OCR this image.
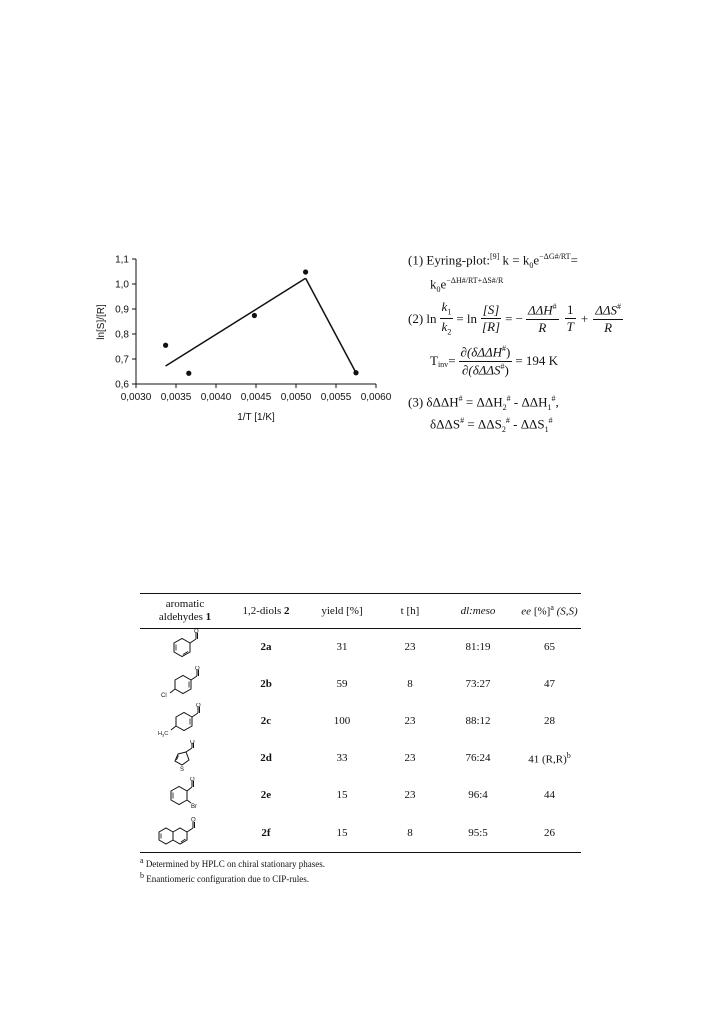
0,0030 0,0035 0,0040 0,0045 0,0050 0,0055 0,0060
0,6
0,7
0,8
0,9
1,0
1,1
1/T [1/K]
ln[S]/[R]
(1) Eyring-plot:[9] $k = k_0e^{-\Delta G\#/RT}=$
$k_0e^{-\Delta H\#/RT+\Delta S\#/R}$
(2) $\ln \frac{k_1}{k_2} = \ln \frac{[S]}{[R]}$ = − $\frac{\Delta\Delta H^{\#}}{R} \frac{1}{T} + \frac{\Delta\Delta S^{\#}}{R}$
$T_{inv} = \frac{\partial(\delta\Delta\Delta H^{\#})}{\partial(\delta\Delta\Delta S^{\#})} = 194$ K
(3) $\delta\Delta\Delta H^{\#} = \Delta\Delta H_2^{\#} - \Delta\Delta H_1^{\#}$,
$\delta\Delta\Delta S^{\#} = \Delta\Delta S_2^{\#} - \Delta\Delta S_1^{\#}$
aromatic
aldehydes 1	1,2-diols 2	yield [%]	t [h]	dl:meso	ee [%]$^a$ (S,S)

O	2a	31	23	81:19	65

Cl
O	2b	59	8	73:27	47

$H_3C$
O	2c	100	23	88:12	28

S
O	2d	33	23	76:24	41 $(R,R)^b$

O
Br	2e	15	23	96:4	44

O	2f	15	8	95:5	26
$^a$ Determined by HPLC on chiral stationary phases.
$^b$ Enantiomeric configuration due to CIP-rules.
